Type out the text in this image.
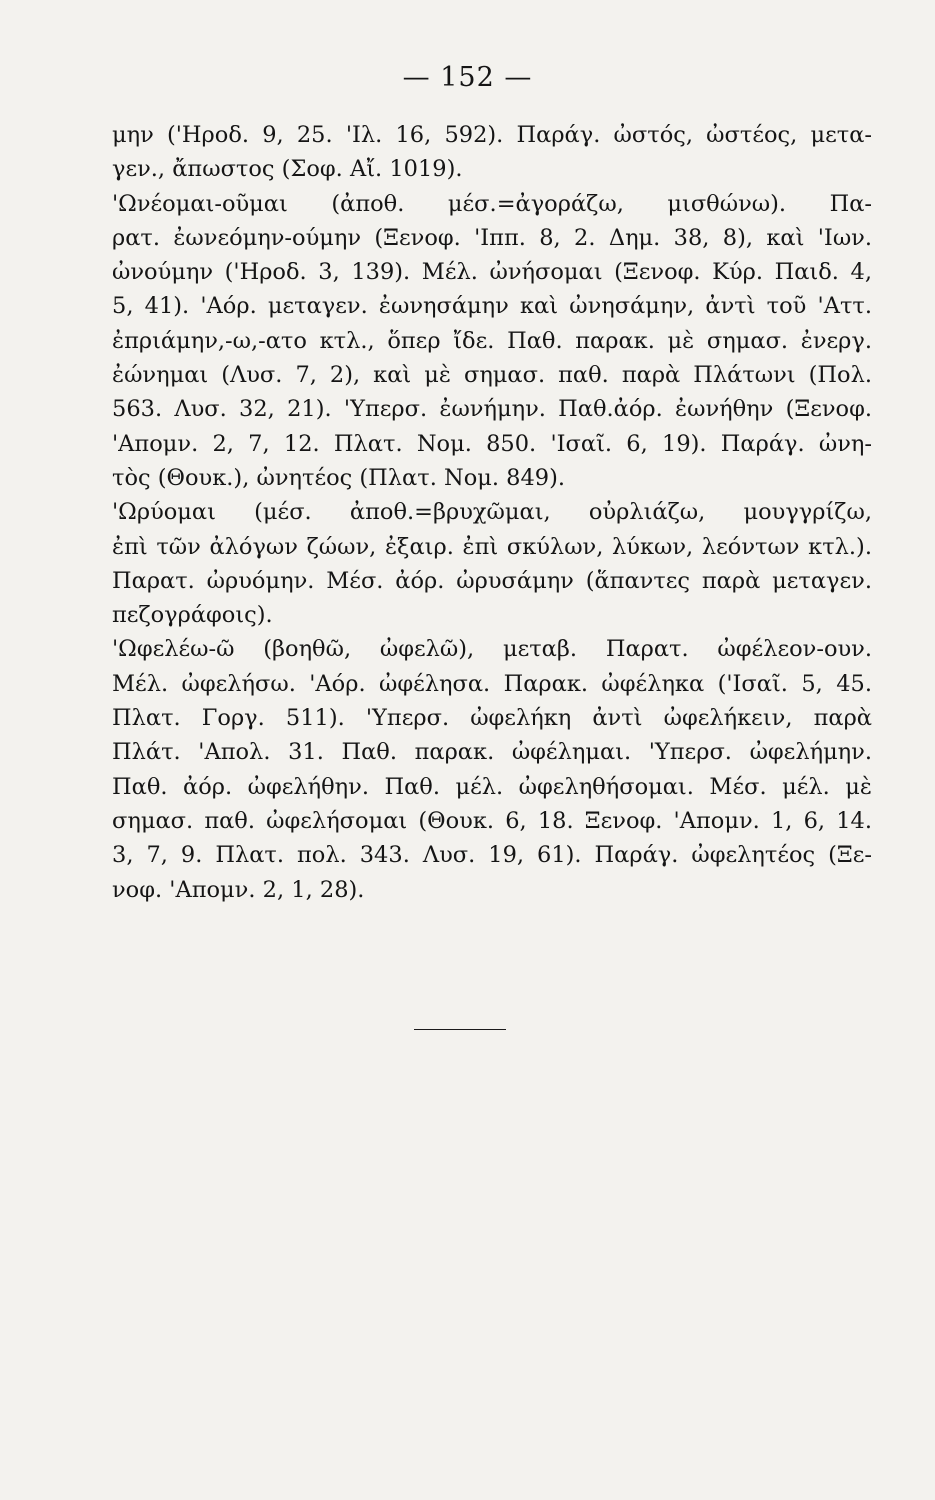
— 152 —
μην ('Ηροδ. 9, 25. 'Ιλ. 16, 592). Παράγ. ὠστός, ὠστέος, μετα-
γεν., ἄπωστος (Σοφ. Αἴ. 1019).
'Ωνέομαι-οῦμαι (ἀποθ. μέσ.=ἀγοράζω, μισθώνω). Πα-
ρατ. ἐωνεόμην-ούμην (Ξενοφ. 'Ιππ. 8, 2. Δημ. 38, 8), καὶ 'Ιων.
ὠνούμην ('Ηροδ. 3, 139). Μέλ. ὠνήσομαι (Ξενοφ. Κύρ. Παιδ. 4,
5, 41). 'Αόρ. μεταγεν. ἐωνησάμην καὶ ὠνησάμην, ἀντὶ τοῦ 'Αττ.
ἐπριάμην,-ω,-ατο κτλ., ὅπερ ἴδε. Παθ. παρακ. μὲ σημασ. ἐνεργ.
ἐώνημαι (Λυσ. 7, 2), καὶ μὲ σημασ. παθ. παρὰ Πλάτωνι (Πολ.
563. Λυσ. 32, 21). 'Υπερσ. ἐωνήμην. Παθ.ἀόρ. ἐωνήθην (Ξενοφ.
'Απομν. 2, 7, 12. Πλατ. Νομ. 850. 'Ισαῖ. 6, 19). Παράγ. ὠνη-
τὸς (Θουκ.), ὠνητέος (Πλατ. Νομ. 849).
'Ωρύομαι (μέσ. ἀποθ.=βρυχῶμαι, οὐρλιάζω, μουγγρίζω,
ἐπὶ τῶν ἀλόγων ζώων, ἐξαιρ. ἐπὶ σκύλων, λύκων, λεόντων κτλ.).
Παρατ. ὠρυόμην. Μέσ. ἀόρ. ὠρυσάμην (ἅπαντες παρὰ μεταγεν.
πεζογράφοις).
'Ωφελέω-ῶ (βοηθῶ, ὠφελῶ), μεταβ. Παρατ. ὠφέλεον-ουν.
Μέλ. ὠφελήσω. 'Αόρ. ὠφέλησα. Παρακ. ὠφέληκα ('Ισαῖ. 5, 45.
Πλατ. Γοργ. 511). 'Υπερσ. ὠφελήκη ἀντὶ ὠφελήκειν, παρὰ
Πλάτ. 'Απολ. 31. Παθ. παρακ. ὠφέλημαι. 'Υπερσ. ὠφελήμην.
Παθ. ἀόρ. ὠφελήθην. Παθ. μέλ. ὠφεληθήσομαι. Μέσ. μέλ. μὲ
σημασ. παθ. ὠφελήσομαι (Θουκ. 6, 18. Ξενοφ. 'Απομν. 1, 6, 14.
3, 7, 9. Πλατ. πολ. 343. Λυσ. 19, 61). Παράγ. ὠφελητέος (Ξε-
νοφ. 'Απομν. 2, 1, 28).
